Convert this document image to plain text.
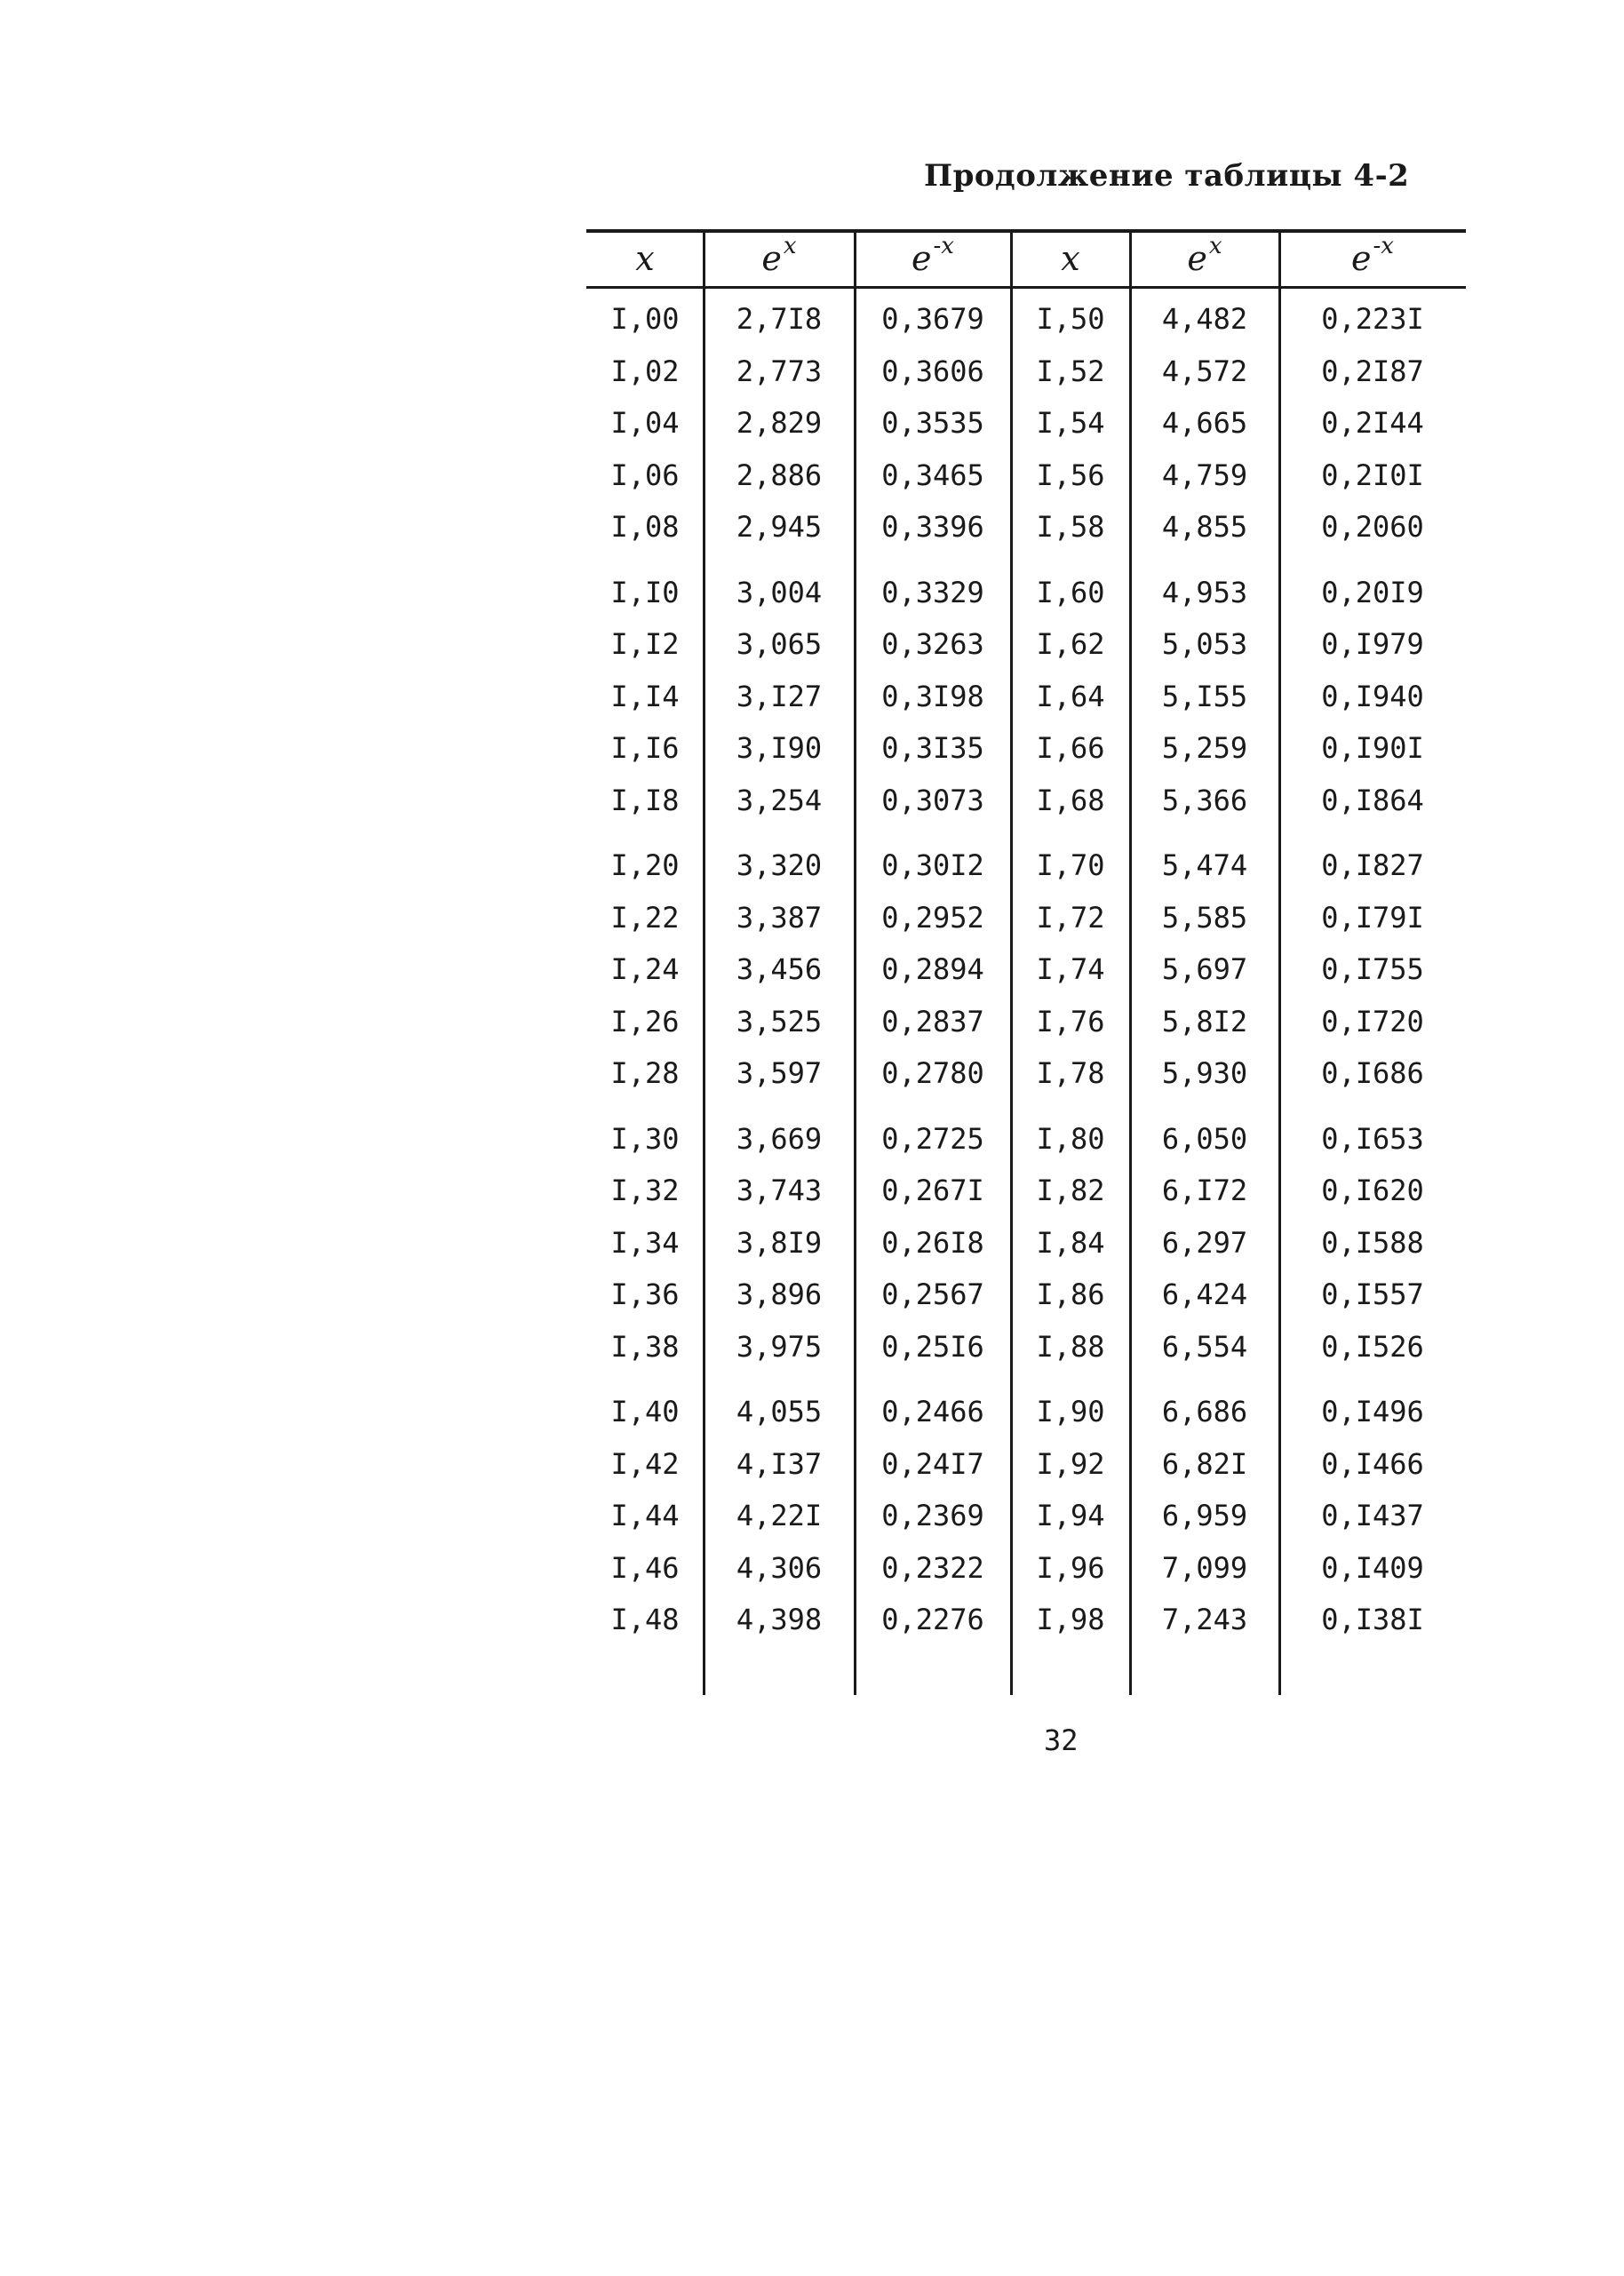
Продолжение таблицы 4-2
x	$e^x$	$e^{-x}$	x	$e^x$	$e^{-x}$
I,00	2,7I8	0,3679	I,50	4,482	0,223I
I,02	2,773	0,3606	I,52	4,572	0,2I87
I,04	2,829	0,3535	I,54	4,665	0,2I44
I,06	2,886	0,3465	I,56	4,759	0,2I0I
I,08	2,945	0,3396	I,58	4,855	0,2060
I,I0	3,004	0,3329	I,60	4,953	0,20I9
I,I2	3,065	0,3263	I,62	5,053	0,I979
I,I4	3,I27	0,3I98	I,64	5,I55	0,I940
I,I6	3,I90	0,3I35	I,66	5,259	0,I90I
I,I8	3,254	0,3073	I,68	5,366	0,I864
I,20	3,320	0,30I2	I,70	5,474	0,I827
I,22	3,387	0,2952	I,72	5,585	0,I79I
I,24	3,456	0,2894	I,74	5,697	0,I755
I,26	3,525	0,2837	I,76	5,8I2	0,I720
I,28	3,597	0,2780	I,78	5,930	0,I686
I,30	3,669	0,2725	I,80	6,050	0,I653
I,32	3,743	0,267I	I,82	6,I72	0,I620
I,34	3,8I9	0,26I8	I,84	6,297	0,I588
I,36	3,896	0,2567	I,86	6,424	0,I557
I,38	3,975	0,25I6	I,88	6,554	0,I526
I,40	4,055	0,2466	I,90	6,686	0,I496
I,42	4,I37	0,24I7	I,92	6,82I	0,I466
I,44	4,22I	0,2369	I,94	6,959	0,I437
I,46	4,306	0,2322	I,96	7,099	0,I409
I,48	4,398	0,2276	I,98	7,243	0,I38I
32
